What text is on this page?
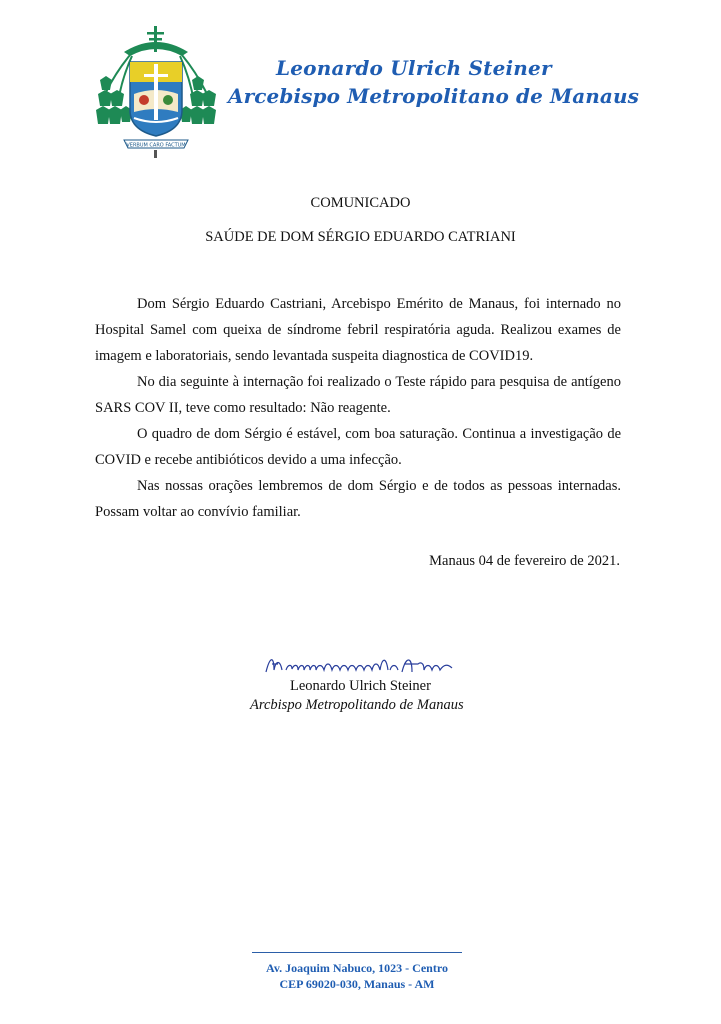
VERBUM CARO FACTUM
Leonardo Ulrich Steiner
Arcebispo Metropolitano de Manaus
COMUNICADO
SAÚDE DE DOM SÉRGIO EDUARDO CATRIANI

Dom Sérgio Eduardo Castriani, Arcebispo Emérito de Manaus, foi internado no Hospital Samel com queixa de síndrome febril respiratória aguda. Realizou exames de imagem e laboratoriais, sendo levantada suspeita diagnostica de COVID19.

No dia seguinte à internação foi realizado o Teste rápido para pesquisa de antígeno SARS COV II, teve como resultado: Não reagente.

O quadro de dom Sérgio é estável, com boa saturação. Continua a investigação de COVID e recebe antibióticos devido a uma infecção.

Nas nossas orações lembremos de dom Sérgio e de todos as pessoas internadas. Possam voltar ao convívio familiar.

Manaus 04 de fevereiro de 2021.
Leonardo Ulrich Steiner
Arcbispo Metropolitando de Manaus
Av. Joaquim Nabuco, 1023 - Centro
CEP 69020-030, Manaus - AM
